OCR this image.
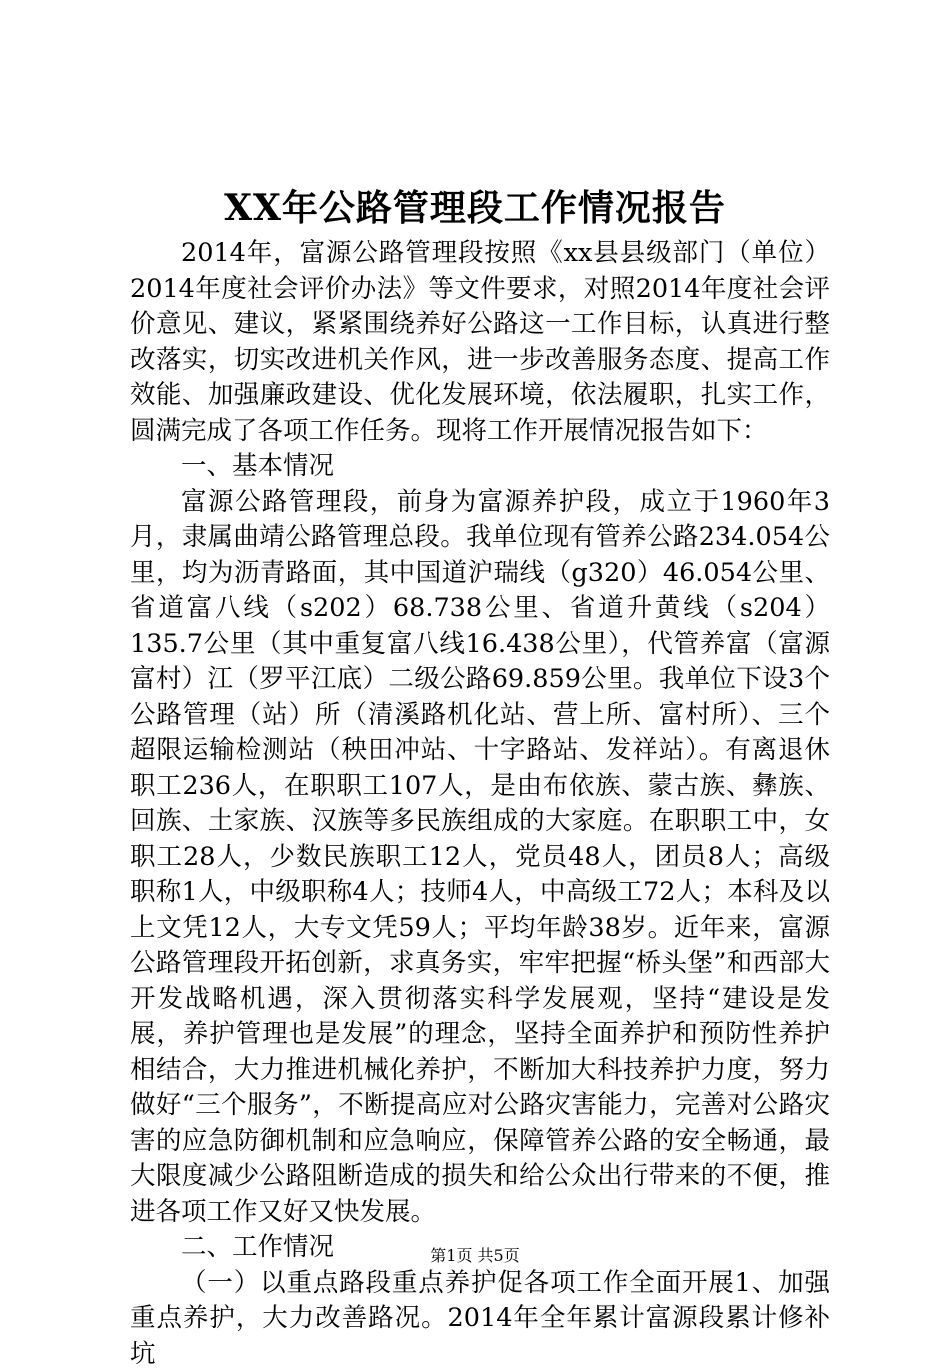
XX年公路管理段工作情况报告

2014年，富源公路管理段按照《xx县县级部门（单位）2014年度社会评价办法》等文件要求，对照2014年度社会评价意见、建议，紧紧围绕养好公路这一工作目标，认真进行整改落实，切实改进机关作风，进一步改善服务态度、提高工作效能、加强廉政建设、优化发展环境，依法履职，扎实工作，圆满完成了各项工作任务。现将工作开展情况报告如下：

一、基本情况

富源公路管理段，前身为富源养护段，成立于1960年3月，隶属曲靖公路管理总段。我单位现有管养公路234.054公里，均为沥青路面，其中国道沪瑞线（g320）46.054公里、省道富八线（s202）68.738公里、省道升黄线（s204）135.7公里（其中重复富八线16.438公里），代管养富（富源富村）江（罗平江底）二级公路69.859公里。我单位下设3个公路管理（站）所（清溪路机化站、营上所、富村所）、三个超限运输检测站（秧田冲站、十字路站、发祥站）。有离退休职工236人，在职职工107人，是由布依族、蒙古族、彝族、回族、土家族、汉族等多民族组成的大家庭。在职职工中，女职工28人，少数民族职工12人，党员48人，团员8人；高级职称1人，中级职称4人；技师4人，中高级工72人；本科及以上文凭12人，大专文凭59人；平均年龄38岁。近年来，富源公路管理段开拓创新，求真务实，牢牢把握“桥头堡”和西部大开发战略机遇，深入贯彻落实科学发展观，坚持“建设是发展，养护管理也是发展”的理念，坚持全面养护和预防性养护相结合，大力推进机械化养护，不断加大科技养护力度，努力做好“三个服务”，不断提高应对公路灾害能力，完善对公路灾害的应急防御机制和应急响应，保障管养公路的安全畅通，最大限度减少公路阻断造成的损失和给公众出行带来的不便，推进各项工作又好又快发展。

二、工作情况

（一）以重点路段重点养护促各项工作全面开展1、加强重点养护，大力改善路况。2014年全年累计富源段累计修补坑

第1页 共5页
